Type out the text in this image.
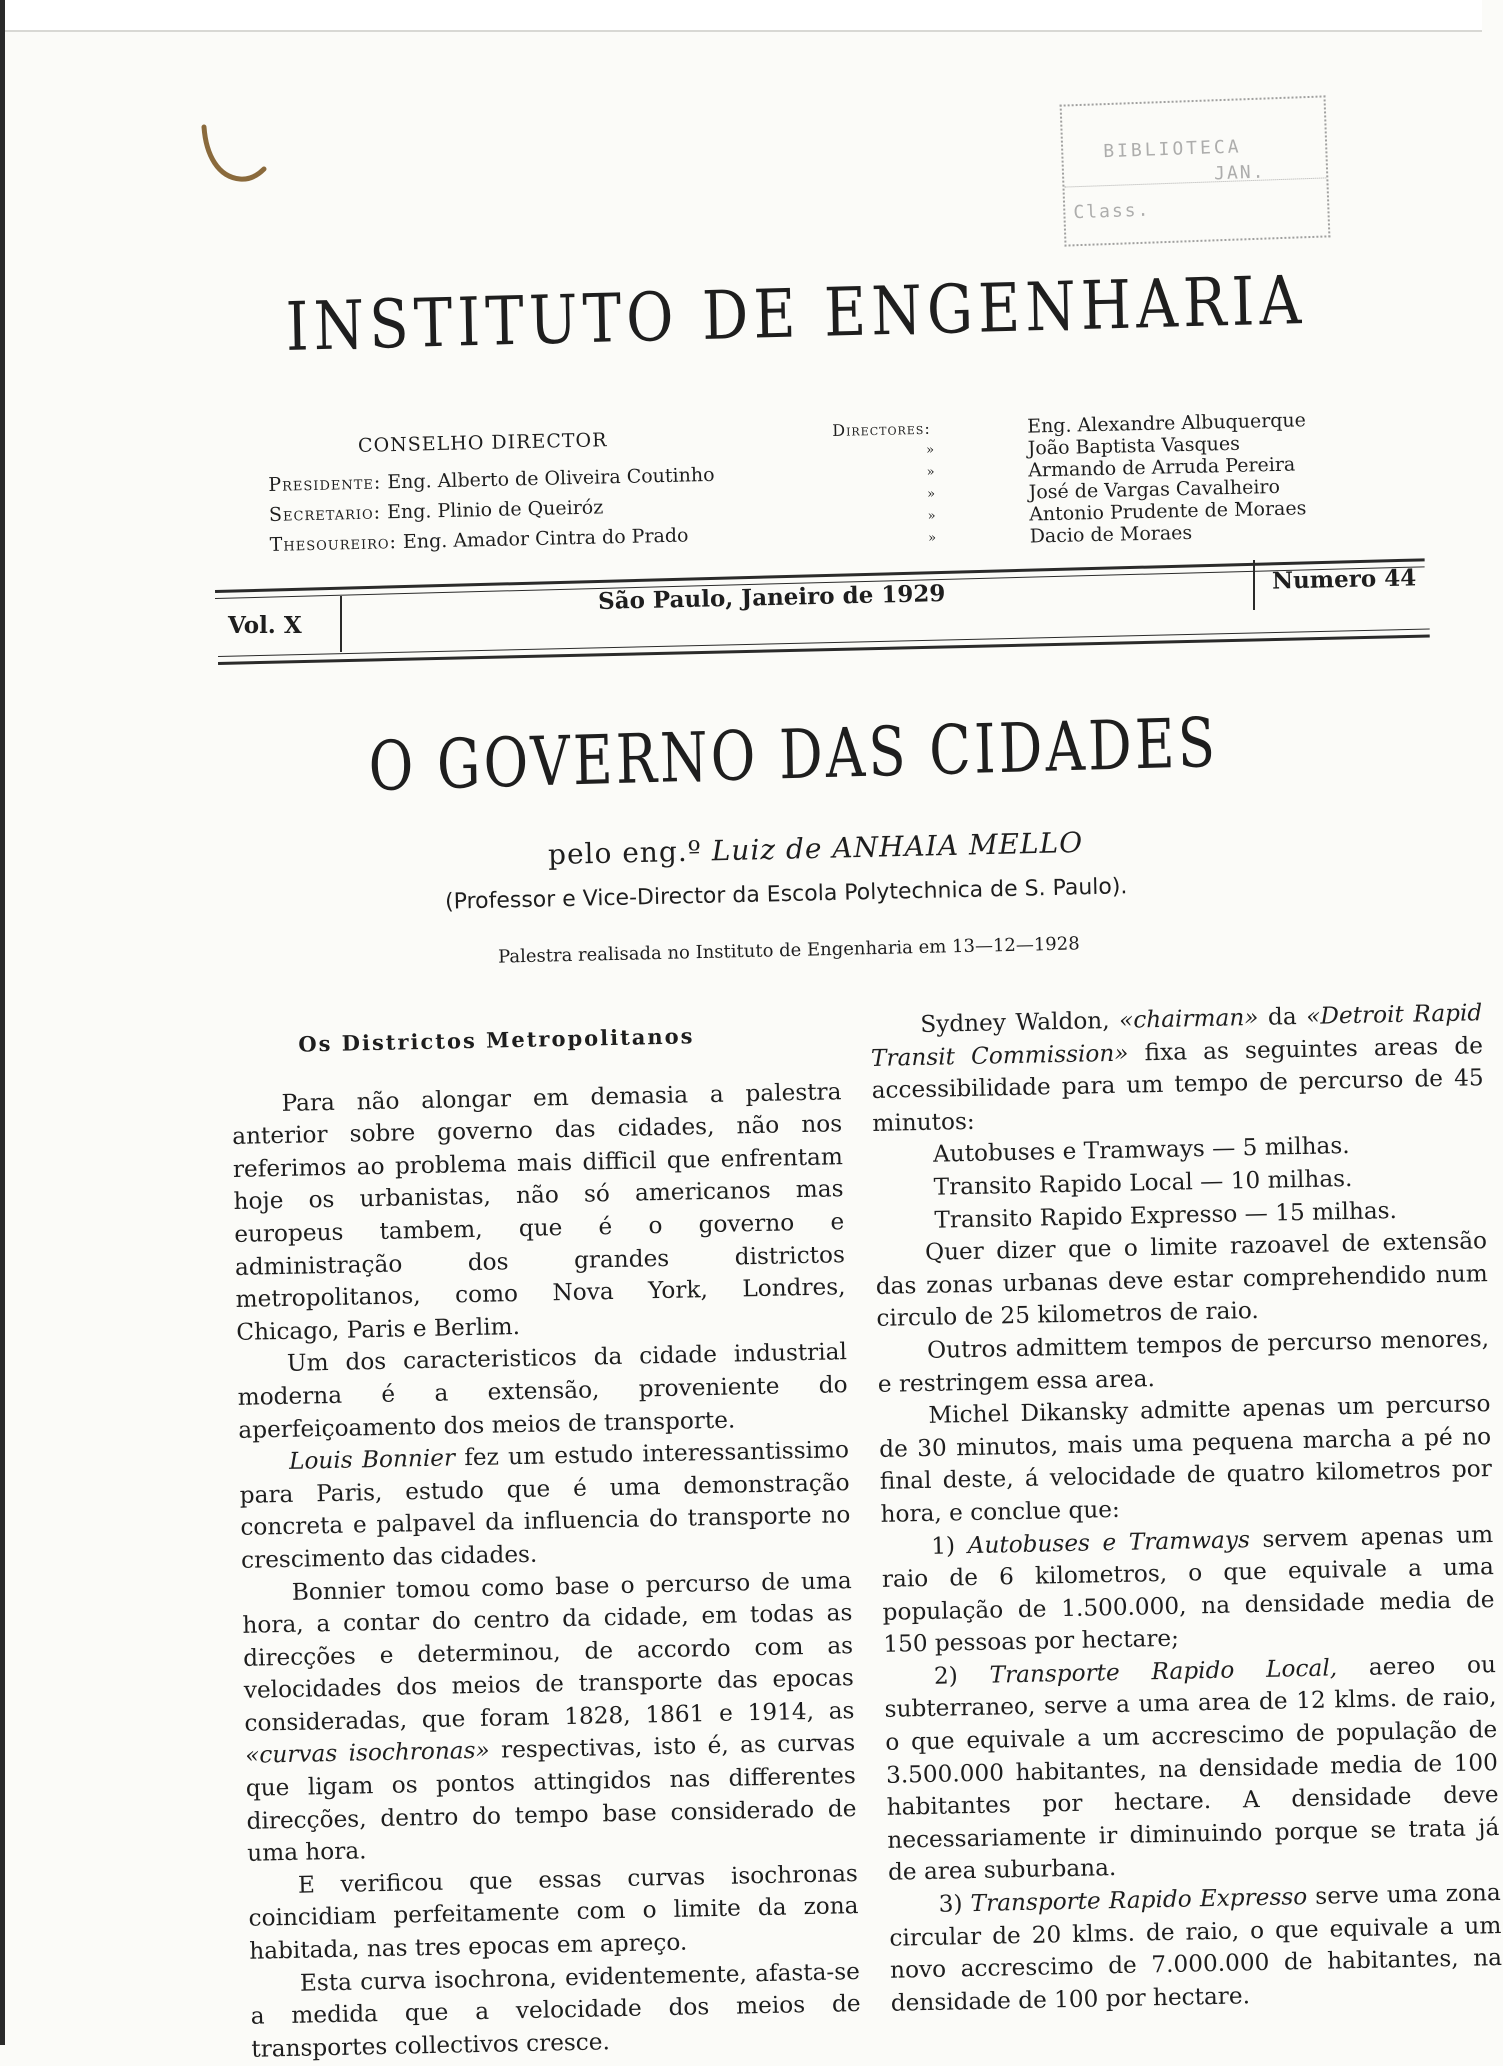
BIBLIOTECA
JAN.
Class.
INSTITUTO DE ENGENHARIA
CONSELHO DIRECTOR
Presidente: Eng. Alberto de Oliveira Coutinho
Secretario: Eng. Plinio de Queiróz
Thesoureiro: Eng. Amador Cintra do Prado
Directores:	Eng. Alexandre Albuquerque
»	João Baptista Vasques
»	Armando de Arruda Pereira
»	José de Vargas Cavalheiro
»	Antonio Prudente de Moraes
»	Dacio de Moraes
Vol. X
São Paulo, Janeiro de 1929
Numero 44
O GOVERNO DAS CIDADES
pelo eng.º Luiz de ANHAIA MELLO
(Professor e Vice-Director da Escola Polytechnica de S. Paulo).
Palestra realisada no Instituto de Engenharia em 13—12—1928

Os Districtos Metropolitanos

Para não alongar em demasia a palestra anterior sobre governo das cidades, não nos referimos ao problema mais difficil que enfrentam hoje os urbanistas, não só americanos mas europeus tambem, que é o governo e administração dos grandes districtos metropolitanos, como Nova York, Londres, Chicago, Paris e Berlim.

Um dos caracteristicos da cidade industrial moderna é a extensão, proveniente do aperfeiçoamento dos meios de transporte.

Louis Bonnier fez um estudo interessantissimo para Paris, estudo que é uma demonstração concreta e palpavel da influencia do transporte no crescimento das cidades.

Bonnier tomou como base o percurso de uma hora, a contar do centro da cidade, em todas as direcções e determinou, de accordo com as velocidades dos meios de transporte das epocas consideradas, que foram 1828, 1861 e 1914, as «curvas isochronas» respectivas, isto é, as curvas que ligam os pontos attingidos nas differentes direcções, dentro do tempo base considerado de uma hora.

E verificou que essas curvas isochronas coincidiam perfeitamente com o limite da zona habitada, nas tres epocas em apreço.

Esta curva isochrona, evidentemente, afasta-se a medida que a velocidade dos meios de transportes collectivos cresce.

Sydney Waldon, «chairman» da «Detroit Rapid Transit Commission» fixa as seguintes areas de accessibilidade para um tempo de percurso de 45 minutos:

Autobuses e Tramways — 5 milhas.

Transito Rapido Local — 10 milhas.

Transito Rapido Expresso — 15 milhas.

Quer dizer que o limite razoavel de extensão das zonas urbanas deve estar comprehendido num circulo de 25 kilometros de raio.

Outros admittem tempos de percurso menores, e restringem essa area.

Michel Dikansky admitte apenas um percurso de 30 minutos, mais uma pequena marcha a pé no final deste, á velocidade de quatro kilometros por hora, e conclue que:

1) Autobuses e Tramways servem apenas um raio de 6 kilometros, o que equivale a uma população de 1.500.000, na densidade media de 150 pessoas por hectare;

2) Transporte Rapido Local, aereo ou subterraneo, serve a uma area de 12 klms. de raio, o que equivale a um accrescimo de população de 3.500.000 habitantes, na densidade media de 100 habitantes por hectare. A densidade deve necessariamente ir diminuindo porque se trata já de area suburbana.

3) Transporte Rapido Expresso serve uma zona circular de 20 klms. de raio, o que equivale a um novo accrescimo de 7.000.000 de habitantes, na densidade de 100 por hectare.
